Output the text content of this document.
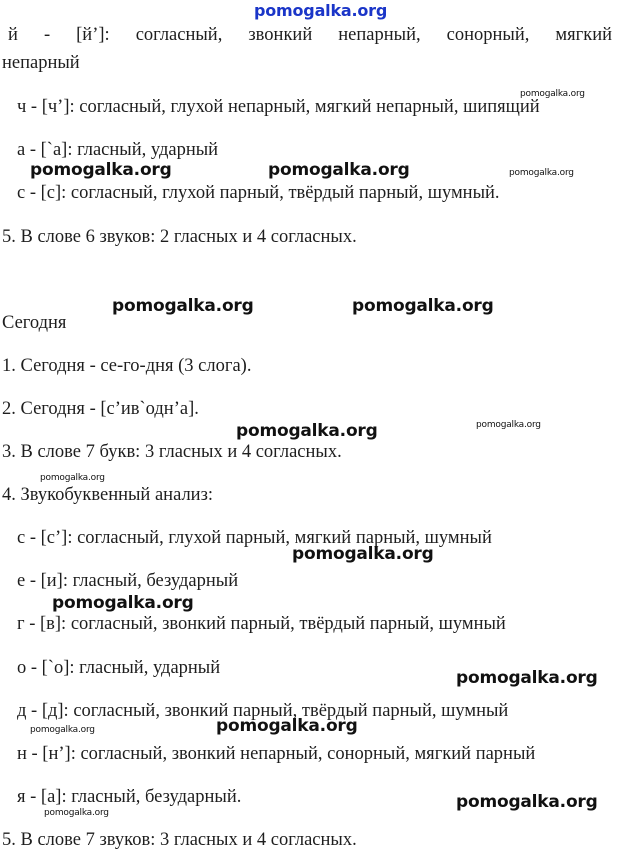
pomogalka.org
й - [й’]: согласный, звонкий непарный, сонорный, мягкий
непарный
ч - [ч’]: согласный, глухой непарный, мягкий непарный, шипящий
а - [`а]: гласный, ударный
с - [с]: согласный, глухой парный, твёрдый парный, шумный.
5. В слове 6 звуков: 2 гласных и 4 согласных.
Сегодня
1. Сегодня - се-го-дня (3 слога).
2. Сегодня - [с’ив`одн’а].
3. В слове 7 букв: 3 гласных и 4 согласных.
4. Звукобуквенный анализ:
с - [с’]: согласный, глухой парный, мягкий парный, шумный
е - [и]: гласный, безударный
г - [в]: согласный, звонкий парный, твёрдый парный, шумный
о - [`о]: гласный, ударный
д - [д]: согласный, звонкий парный, твёрдый парный, шумный
н - [н’]: согласный, звонкий непарный, сонорный, мягкий парный
я - [а]: гласный, безударный.
5. В слове 7 звуков: 3 гласных и 4 согласных.
pomogalka.org
pomogalka.org	pomogalka.org	pomogalka.org
pomogalka.org	pomogalka.org
pomogalka.org	pomogalka.org
pomogalka.org
pomogalka.org
pomogalka.org
pomogalka.org
pomogalka.org
pomogalka.org
pomogalka.org
pomogalka.org
